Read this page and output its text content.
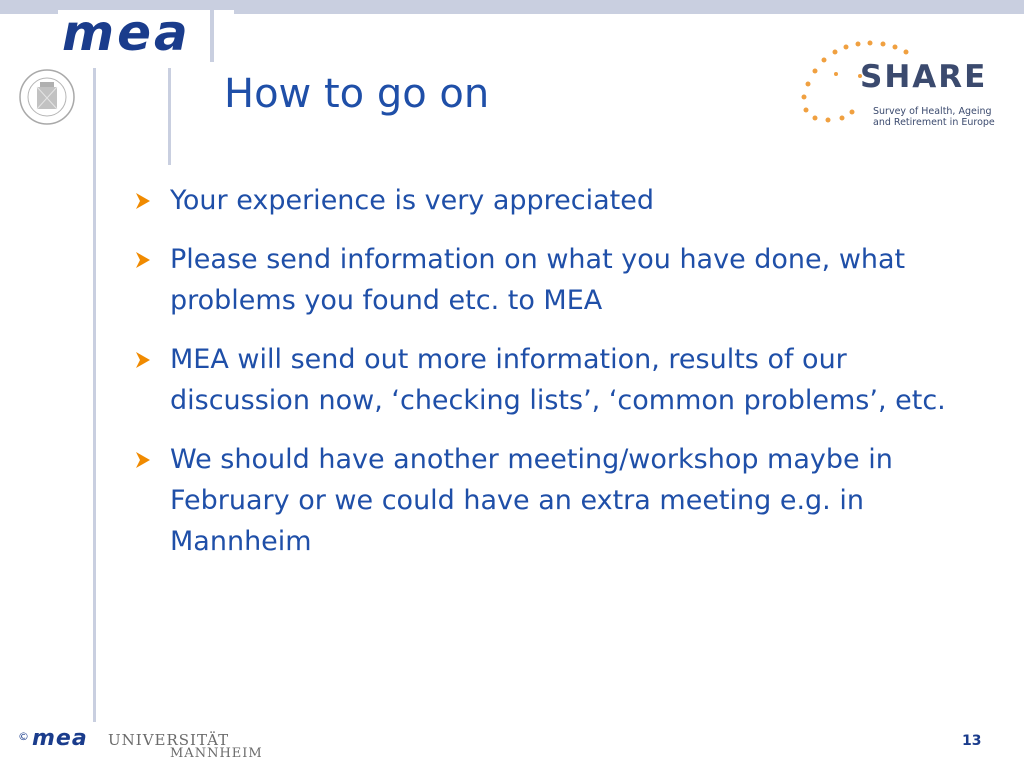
mea
How to go on	SHARE
Survey of Health, Ageing and Retirement in Europe
Your experience is very appreciated
Please send information on what you have done, what problems you found etc. to MEA
MEA will send out more information, results of our discussion now, ‘checking lists’, ‘common problems’, etc.
We should have another meeting/workshop maybe in February or we could have an extra meeting e.g. in Mannheim
© mea UNIVERSITÄT
MANNHEIM
13
